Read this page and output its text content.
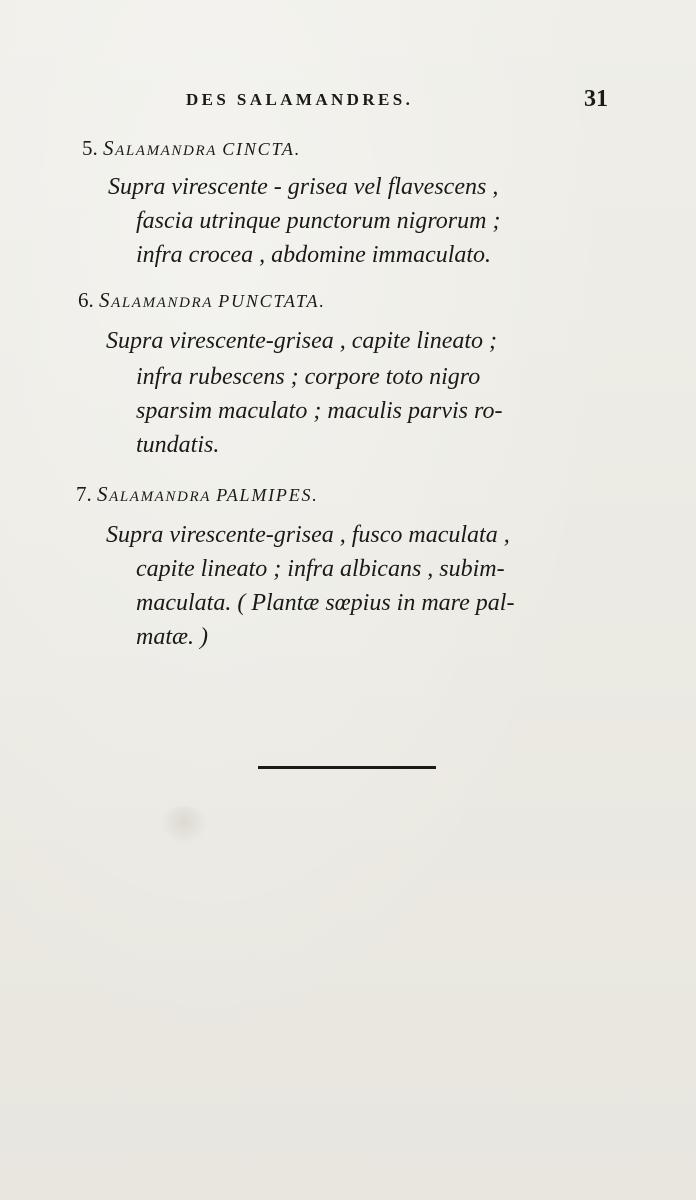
DES SALAMANDRES.	31
5. Salamandra CINCTA.
Supra virescente - grisea vel flavescens ,
fascia utrinque punctorum nigrorum ;
infra crocea , abdomine immaculato.
6. Salamandra PUNCTATA.
Supra virescente-grisea , capite lineato ;
infra rubescens ; corpore toto nigro
sparsim maculato ; maculis parvis ro-
tundatis.
7. Salamandra PALMIPES.
Supra virescente-grisea , fusco maculata ,
capite lineato ; infra albicans , subim-
maculata. ( Plantæ sœpius in mare pal-
matæ. )
